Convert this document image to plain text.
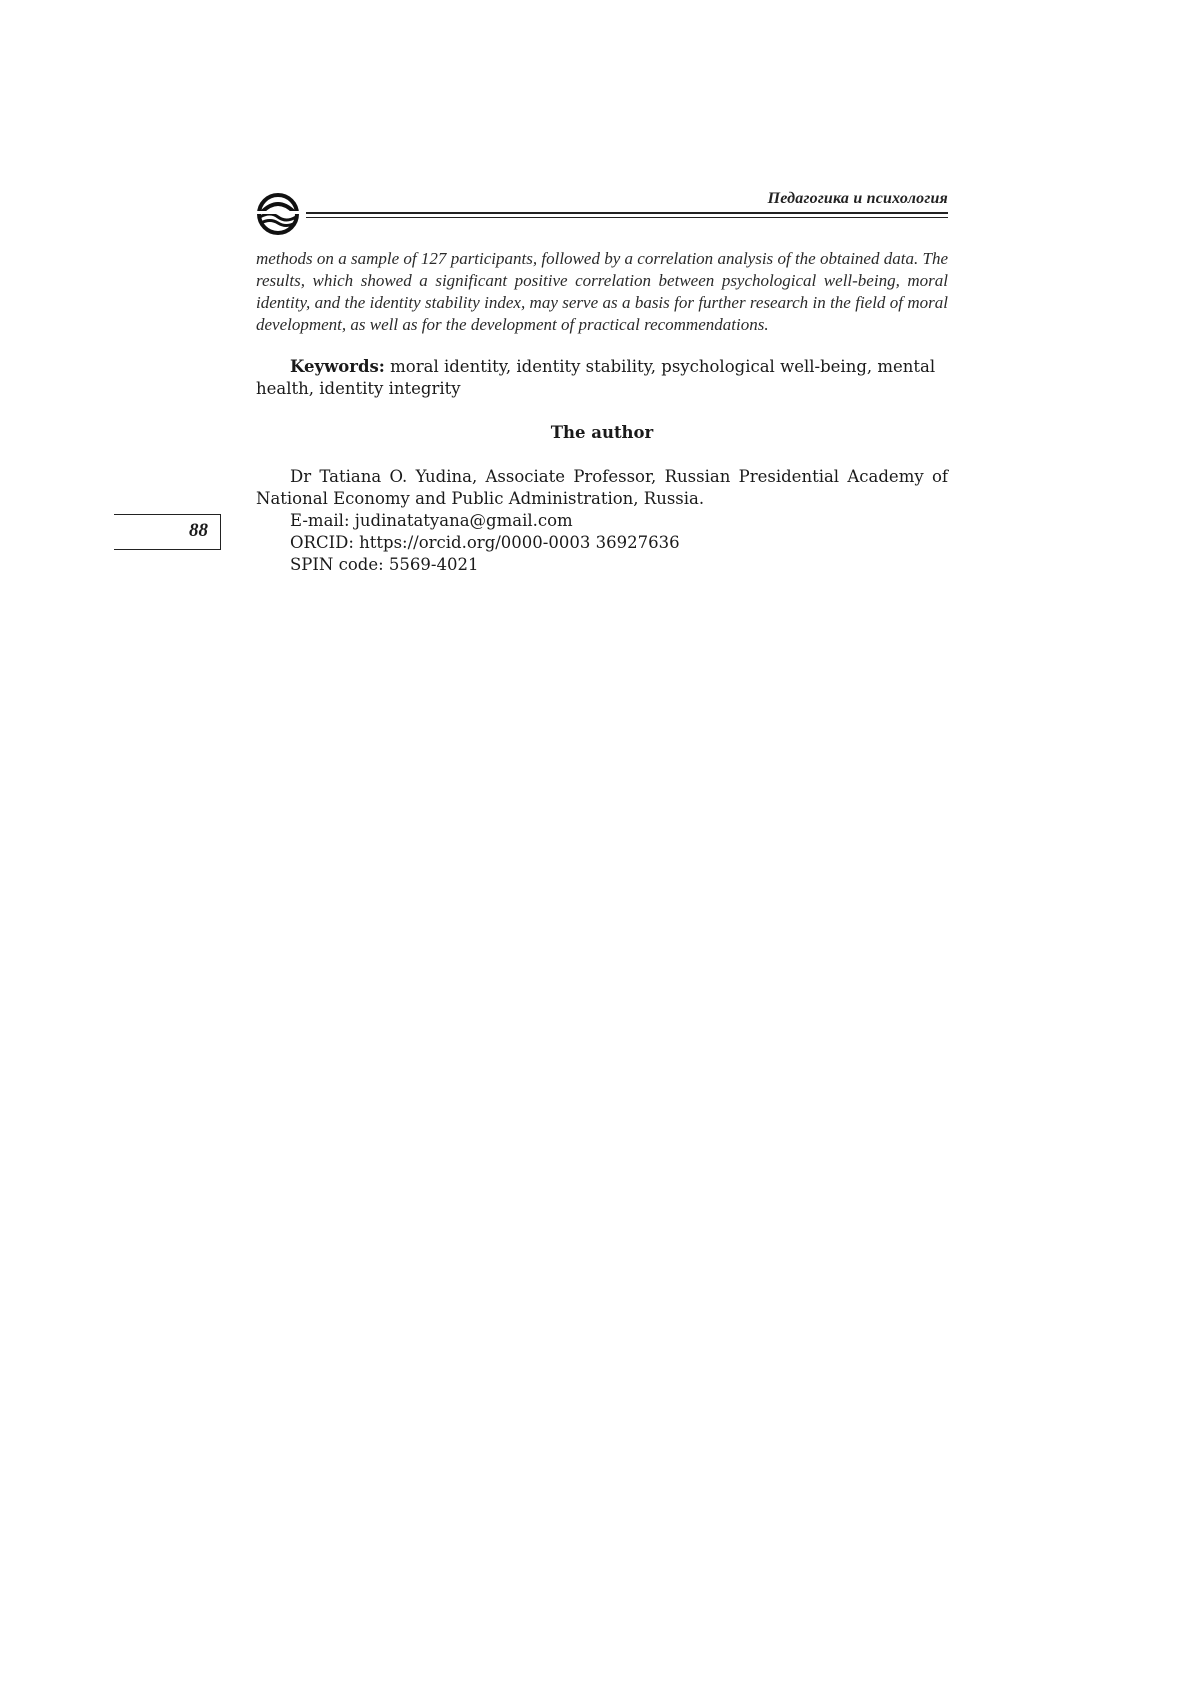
Педагогика и психология

methods on a sample of 127 participants, followed by a correlation analysis of the obtained data. The results, which showed a significant positive correlation between psychological well-being, moral identity, and the identity stability index, may serve as a basis for further research in the field of moral development, as well as for the development of practical recommendations.

Keywords: moral identity, identity stability, psychological well-being, mental health, identity integrity

The author

Dr Tatiana O. Yudina, Associate Professor, Russian Presidential Academy of National Economy and Public Administration, Russia.
E-mail: judinatatyana@gmail.com
ORCID: https://orcid.org/0000-0003 36927636
SPIN code: 5569-4021
88
